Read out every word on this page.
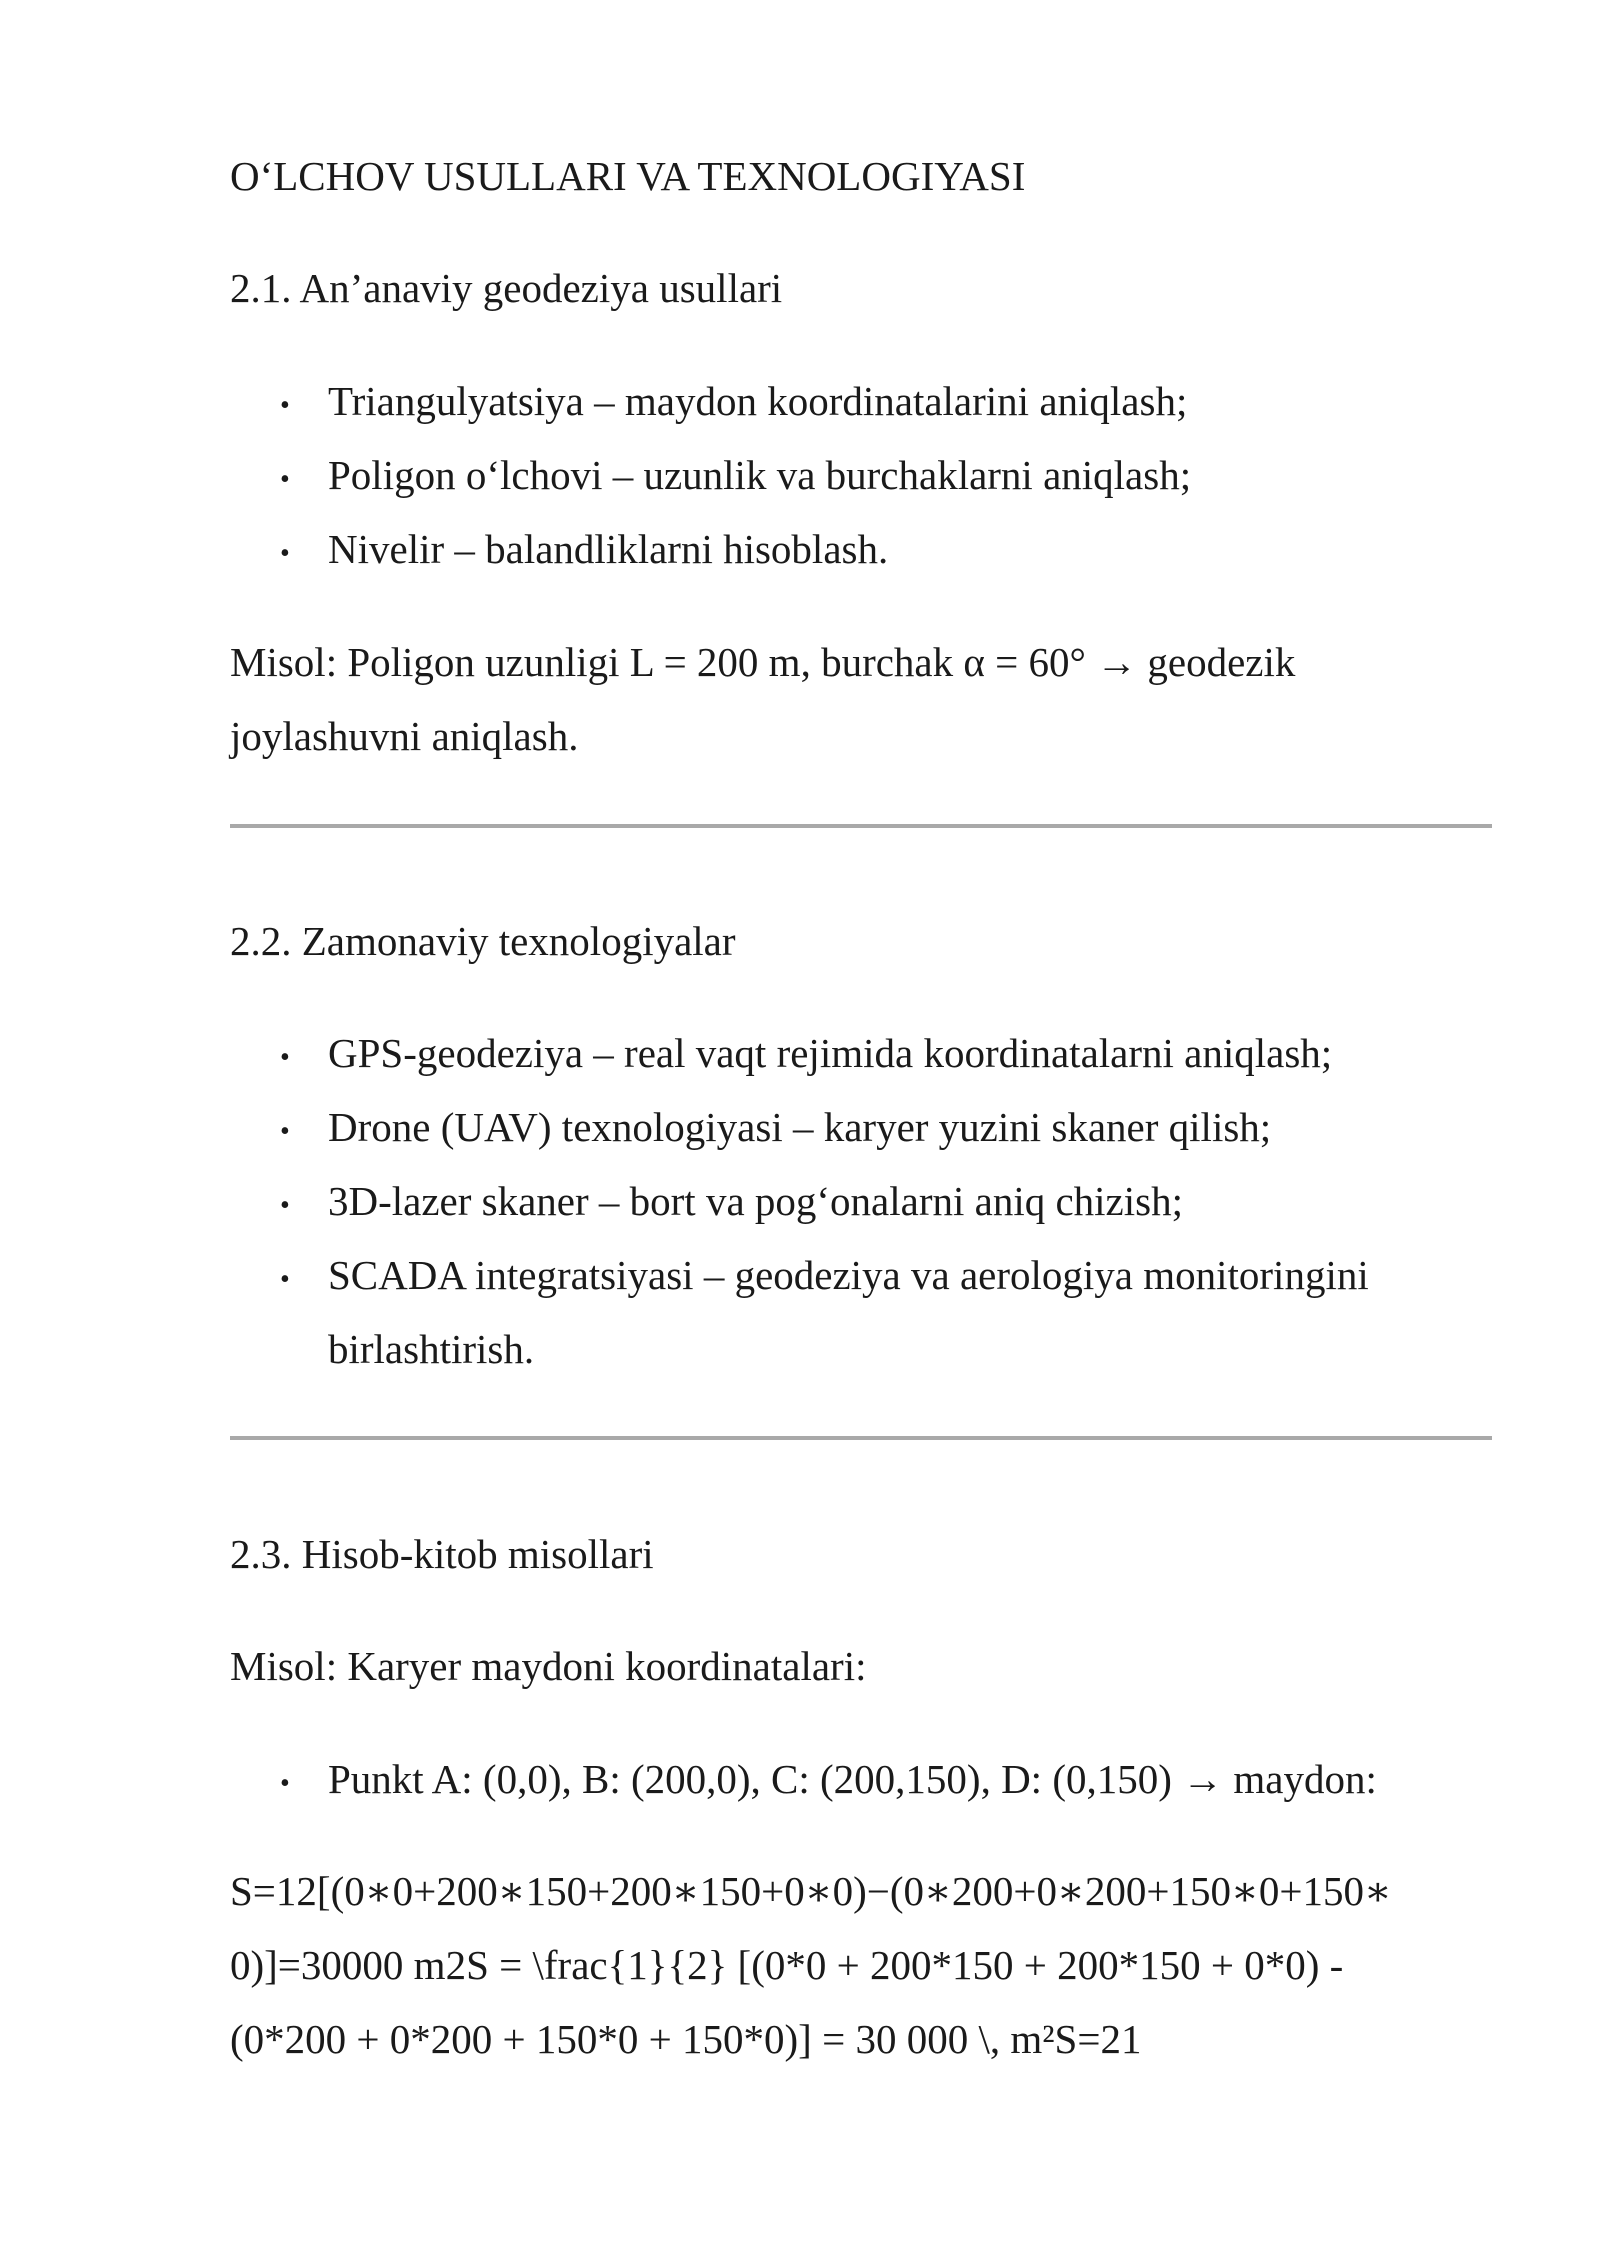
O‘LCHOV USULLARI VA TEXNOLOGIYASI
2.1. An’anaviy geodeziya usullari
• Triangulyatsiya – maydon koordinatalarini aniqlash;
• Poligon o‘lchovi – uzunlik va burchaklarni aniqlash;
• Nivelir – balandliklarni hisoblash.
Misol: Poligon uzunligi L = 200 m, burchak α = 60° → geodezik
joylashuvni aniqlash.
2.2. Zamonaviy texnologiyalar
• GPS-geodeziya – real vaqt rejimida koordinatalarni aniqlash;
• Drone (UAV) texnologiyasi – karyer yuzini skaner qilish;
• 3D-lazer skaner – bort va pog‘onalarni aniq chizish;
• SCADA integratsiyasi – geodeziya va aerologiya monitoringini
birlashtirish.
2.3. Hisob-kitob misollari
Misol: Karyer maydoni koordinatalari:
• Punkt A: (0,0), B: (200,0), C: (200,150), D: (0,150) → maydon:
S=12[(0∗0+200∗150+200∗150+0∗0)−(0∗200+0∗200+150∗0+150∗
0)]=30000 m2S = \frac{1}{2} [(0*0 + 200*150 + 200*150 + 0*0) -
(0*200 + 0*200 + 150*0 + 150*0)] = 30 000 \, m²S=21
